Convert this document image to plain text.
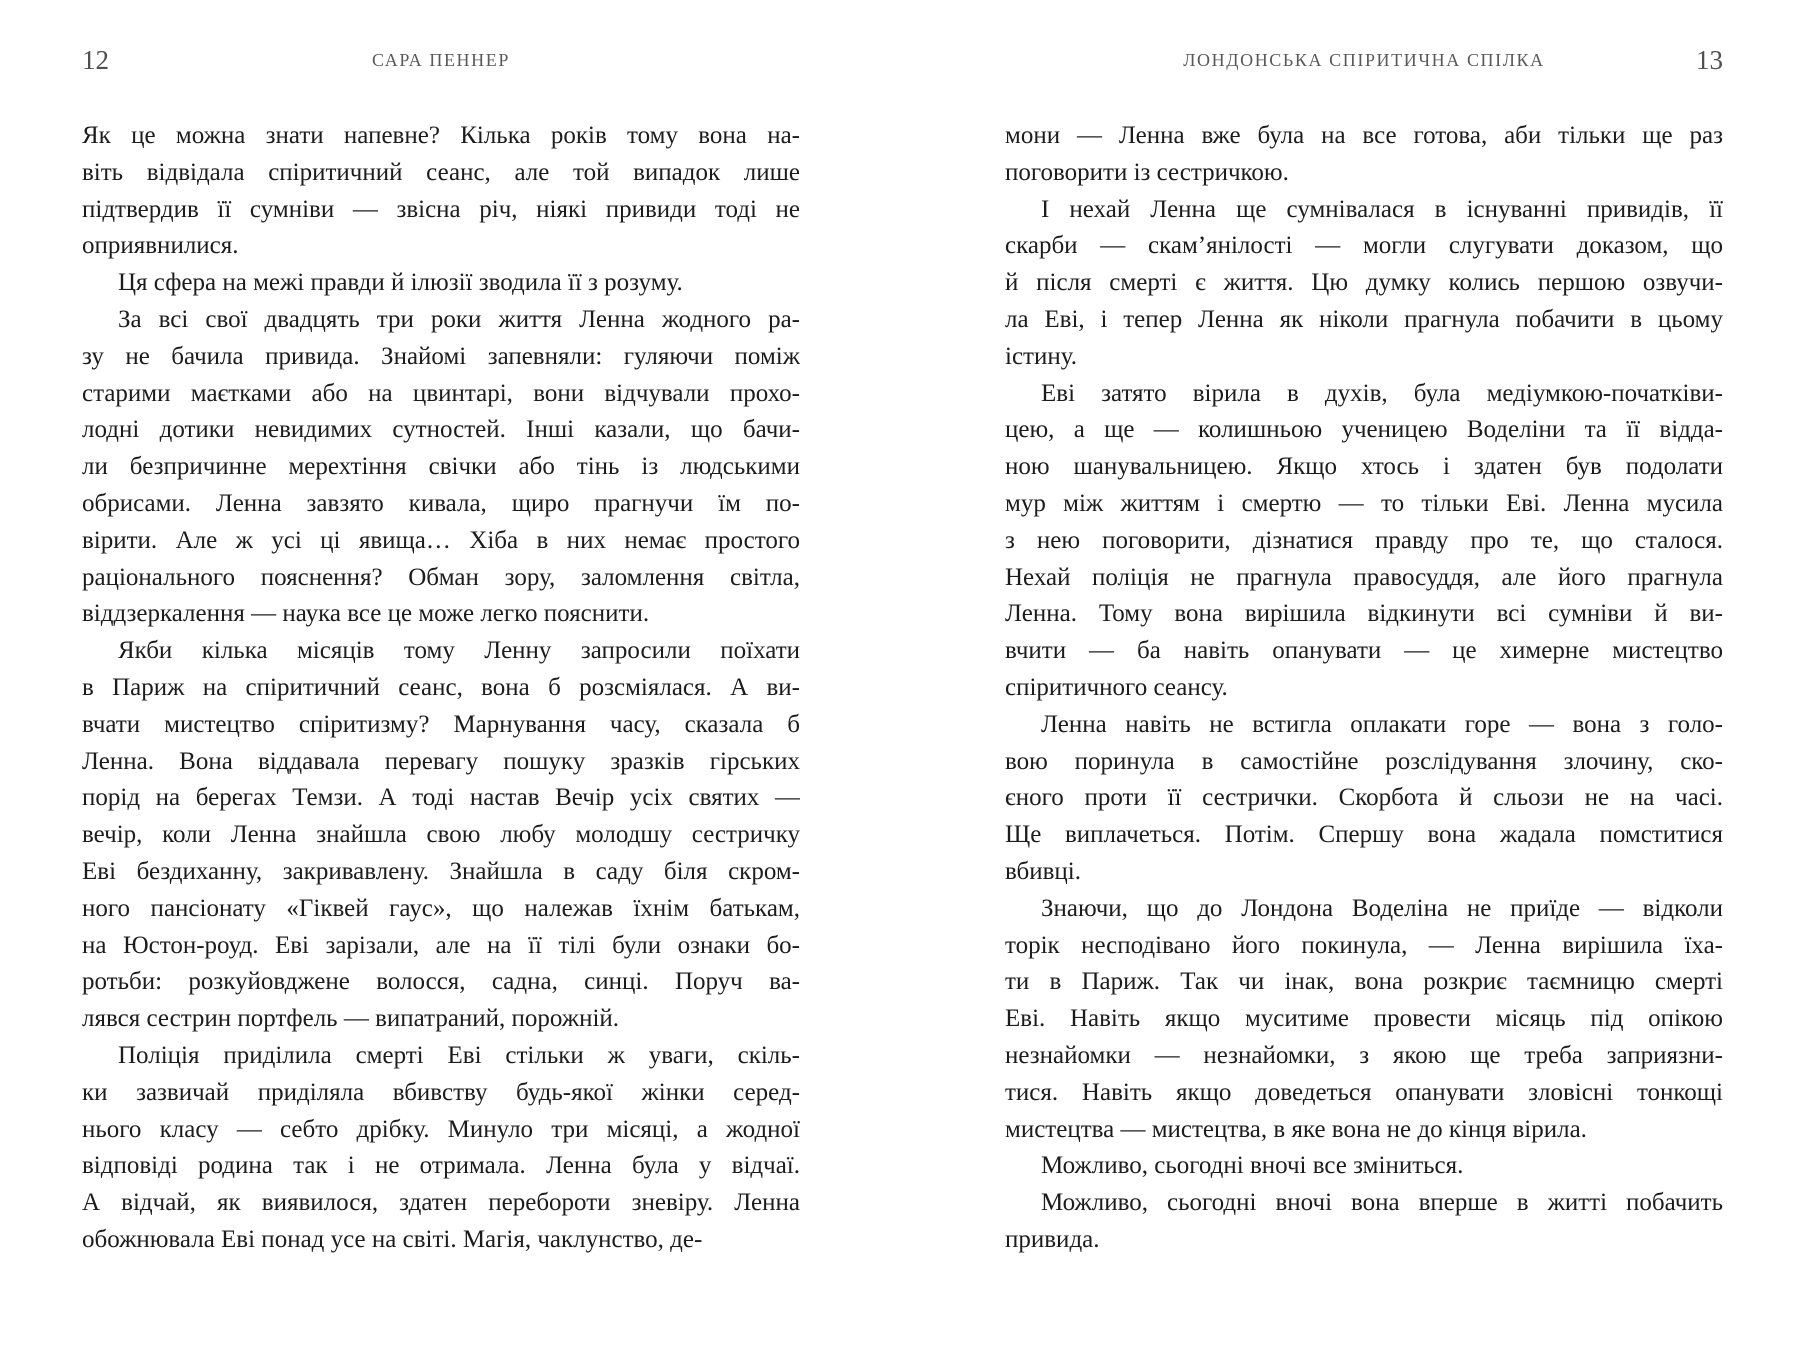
12	САРА ПЕННЕР
Як це можна знати напевне? Кілька років тому вона на-
віть відвідала спіритичний сеанс, але той випадок лише
підтвердив її сумніви — звісна річ, ніякі привиди тоді не
оприявнилися.
Ця сфера на межі правди й ілюзії зводила її з розуму.
За всі свої двадцять три роки життя Ленна жодного ра-
зу не бачила привида. Знайомі запевняли: гуляючи поміж
старими маєтками або на цвинтарі, вони відчували прохо-
лодні дотики невидимих сутностей. Інші казали, що бачи-
ли безпричинне мерехтіння свічки або тінь із людськими
обрисами. Ленна завзято кивала, щиро прагнучи їм по-
вірити. Але ж усі ці явища… Хіба в них немає простого
раціонального пояснення? Обман зору, заломлення світла,
віддзеркалення — наука все це може легко пояснити.
Якби кілька місяців тому Ленну запросили поїхати
в Париж на спіритичний сеанс, вона б розсміялася. А ви-
вчати мистецтво спіритизму? Марнування часу, сказала б
Ленна. Вона віддавала перевагу пошуку зразків гірських
порід на берегах Темзи. А тоді настав Вечір усіх святих —
вечір, коли Ленна знайшла свою любу молодшу сестричку
Еві бездиханну, закривавлену. Знайшла в саду біля скром-
ного пансіонату «Гіквей гаус», що належав їхнім батькам,
на Юстон-роуд. Еві зарізали, але на її тілі були ознаки бо-
ротьби: розкуйовджене волосся, садна, синці. Поруч ва-
лявся сестрин портфель — випатраний, порожній.
Поліція приділила смерті Еві стільки ж уваги, скіль-
ки зазвичай приділяла вбивству будь-якої жінки серед-
нього класу — себто дрібку. Минуло три місяці, а жодної
відповіді родина так і не отримала. Ленна була у відчаї.
А відчай, як виявилося, здатен перебороти зневіру. Ленна
обожнювала Еві понад усе на світі. Магія, чаклунство, де-
ЛОНДОНСЬКА СПІРИТИЧНА СПІЛКА	13
мони — Ленна вже була на все готова, аби тільки ще раз
поговорити із сестричкою.
І нехай Ленна ще сумнівалася в існуванні привидів, її
скарби — скам’янілості — могли слугувати доказом, що
й після смерті є життя. Цю думку колись першою озвучи-
ла Еві, і тепер Ленна як ніколи прагнула побачити в цьому
істину.
Еві затято вірила в духів, була медіумкою-початківи-
цею, а ще — колишньою ученицею Воделіни та її відда-
ною шанувальницею. Якщо хтось і здатен був подолати
мур між життям і смертю — то тільки Еві. Ленна мусила
з нею поговорити, дізнатися правду про те, що сталося.
Нехай поліція не прагнула правосуддя, але його прагнула
Ленна. Тому вона вирішила відкинути всі сумніви й ви-
вчити — ба навіть опанувати — це химерне мистецтво
спіритичного сеансу.
Ленна навіть не встигла оплакати горе — вона з голо-
вою поринула в самостійне розслідування злочину, ско-
єного проти її сестрички. Скорбота й сльози не на часі.
Ще виплачеться. Потім. Спершу вона жадала помститися
вбивці.
Знаючи, що до Лондона Воделіна не приїде — відколи
торік несподівано його покинула, — Ленна вирішила їха-
ти в Париж. Так чи інак, вона розкриє таємницю смерті
Еві. Навіть якщо муситиме провести місяць під опікою
незнайомки — незнайомки, з якою ще треба заприязни-
тися. Навіть якщо доведеться опанувати зловісні тонкощі
мистецтва — мистецтва, в яке вона не до кінця вірила.
Можливо, сьогодні вночі все зміниться.
Можливо, сьогодні вночі вона вперше в житті побачить
привида.
